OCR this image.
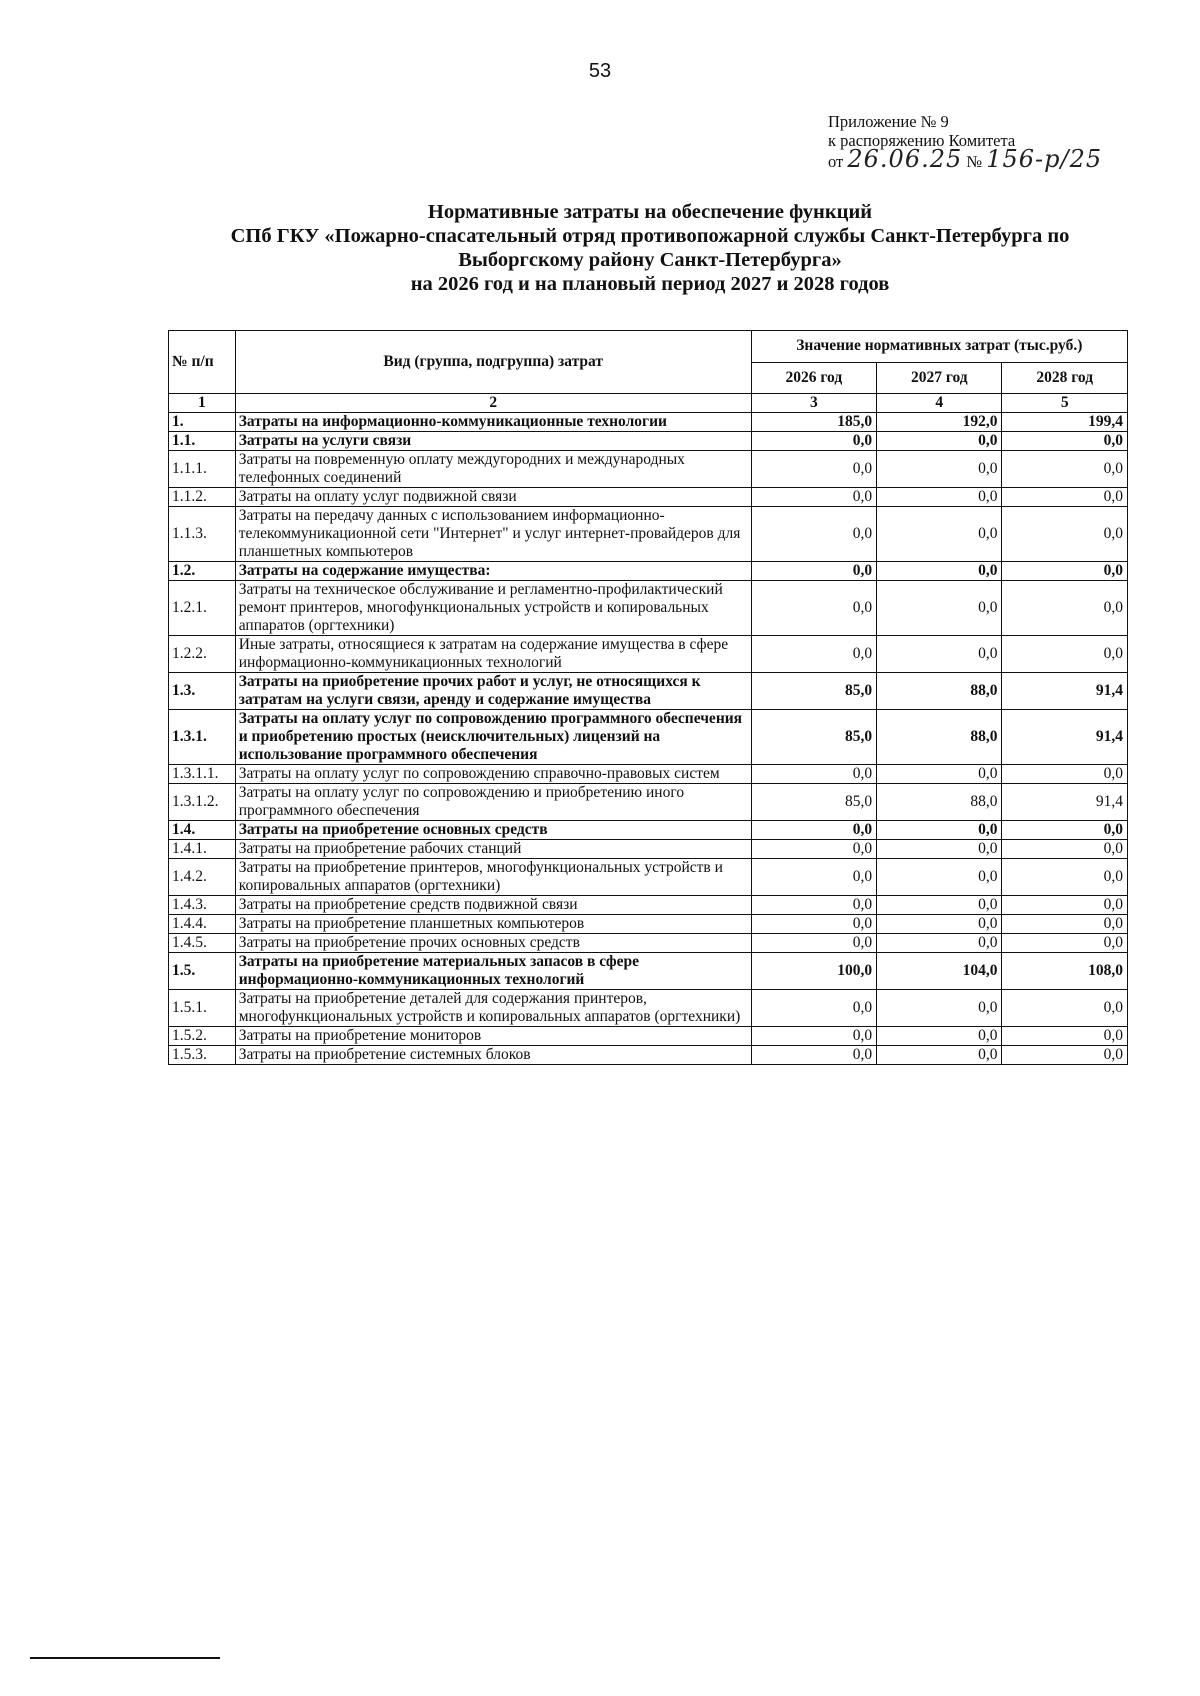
53
Приложение № 9
к распоряжению Комитета
от 26.06.25 № 156-р/25
Нормативные затраты на обеспечение функций
СПб ГКУ «Пожарно-спасательный отряд противопожарной службы Санкт-Петербурга по Выборгскому району Санкт-Петербурга»
на 2026 год и на плановый период 2027 и 2028 годов
№ п/п	Вид (группа, подгруппа) затрат	Значение нормативных затрат (тыс.руб.)		
		2026 год	2027 год	2028 год
1	2	3	4	5
1.	Затраты на информационно-коммуникационные технологии	185,0	192,0	199,4
1.1.	Затраты на услуги связи	0,0	0,0	0,0
1.1.1.	Затраты на повременную оплату междугородних и международных телефонных соединений	0,0	0,0	0,0
1.1.2.	Затраты на оплату услуг подвижной связи	0,0	0,0	0,0
1.1.3.	Затраты на передачу данных с использованием информационно-телекоммуникационной сети "Интернет" и услуг интернет-провайдеров для планшетных компьютеров	0,0	0,0	0,0
1.2.	Затраты на содержание имущества:	0,0	0,0	0,0
1.2.1.	Затраты на техническое обслуживание и регламентно-профилактический ремонт принтеров, многофункциональных устройств и копировальных аппаратов (оргтехники)	0,0	0,0	0,0
1.2.2.	Иные затраты, относящиеся к затратам на содержание имущества в сфере информационно-коммуникационных технологий	0,0	0,0	0,0
1.3.	Затраты на приобретение прочих работ и услуг, не относящихся к затратам на услуги связи, аренду и содержание имущества	85,0	88,0	91,4
1.3.1.	Затраты на оплату услуг по сопровождению программного обеспечения и приобретению простых (неисключительных) лицензий на использование программного обеспечения	85,0	88,0	91,4
1.3.1.1.	Затраты на оплату услуг по сопровождению справочно-правовых систем	0,0	0,0	0,0
1.3.1.2.	Затраты на оплату услуг по сопровождению и приобретению иного программного обеспечения	85,0	88,0	91,4
1.4.	Затраты на приобретение основных средств	0,0	0,0	0,0
1.4.1.	Затраты на приобретение рабочих станций	0,0	0,0	0,0
1.4.2.	Затраты на приобретение принтеров, многофункциональных устройств и копировальных аппаратов (оргтехники)	0,0	0,0	0,0
1.4.3.	Затраты на приобретение средств подвижной связи	0,0	0,0	0,0
1.4.4.	Затраты на приобретение планшетных компьютеров	0,0	0,0	0,0
1.4.5.	Затраты на приобретение прочих основных средств	0,0	0,0	0,0
1.5.	Затраты на приобретение материальных запасов в сфере информационно-коммуникационных технологий	100,0	104,0	108,0
1.5.1.	Затраты на приобретение деталей для содержания принтеров, многофункциональных устройств и копировальных аппаратов (оргтехники)	0,0	0,0	0,0
1.5.2.	Затраты на приобретение мониторов	0,0	0,0	0,0
1.5.3.	Затраты на приобретение системных блоков	0,0	0,0	0,0
